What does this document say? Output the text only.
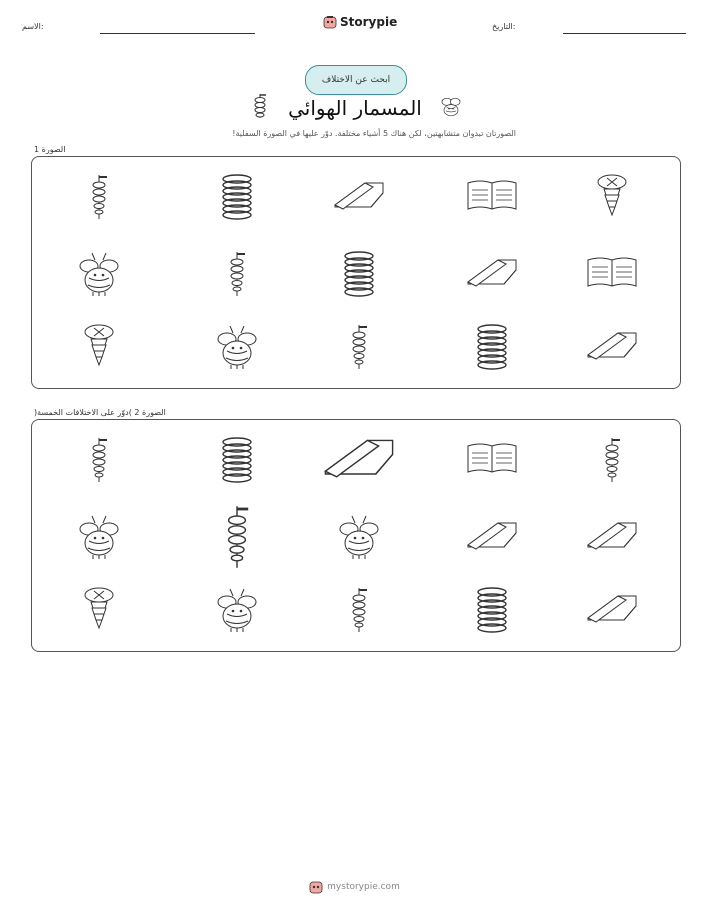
الاسم:	Storypie	التاريخ:
ابحث عن الاختلاف
المسمار الهوائي
الصورتان تبدوان متشابهتين، لكن هناك 5 أشياء مختلفة. دوّر عليها في الصورة السفلية!
الصورة 1
الصورة 2 )دوّر على الاختلافات الخمسة(
mystorypie.com
